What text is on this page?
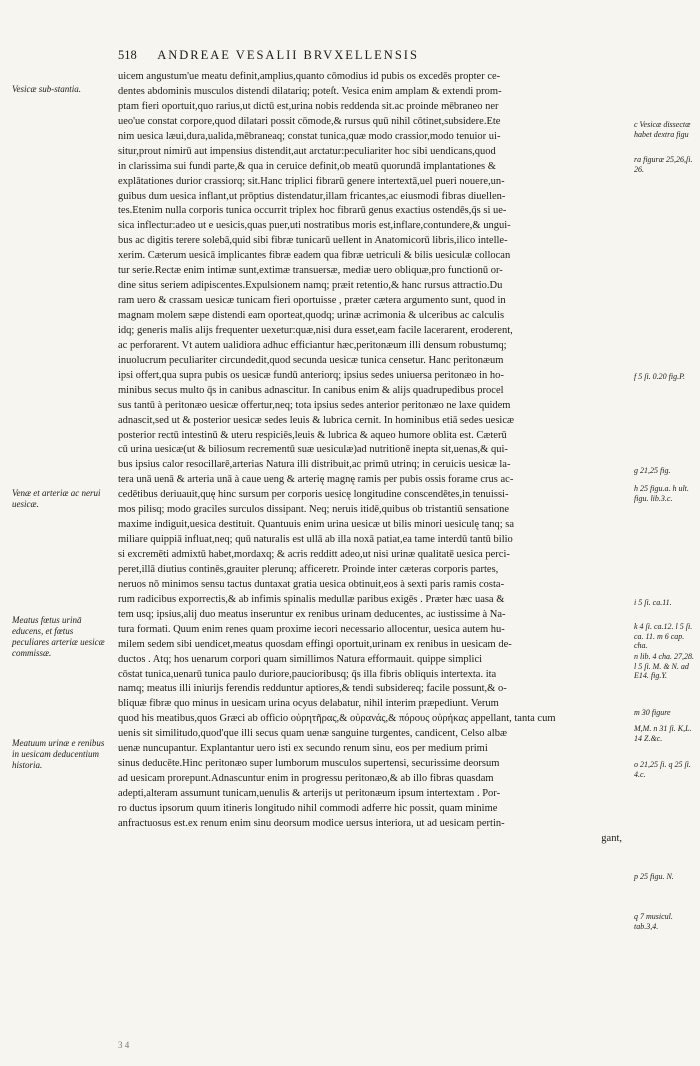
518 ANDREAE VESALII BRVXELLENSIS
uicem angustum'ue meatu definit,amplius,quanto cōmodius id pubis os excedēs propter ce-
dentes abdominis musculos distendi dilatariq; poteſt. Vesica enim amplam & extendi prom-
ptam fieri oportuit,quo rarius,ut dictū est,urina nobis reddenda sit.ac proinde mēbraneo ner
ueo'ue constat corpore,quod dilatari possit cōmode,& rursus quū nihil cōtinet,subsidere.Ete
nim uesica læui,dura,ualida,mēbraneaq; constat tunica,quæ modo crassior,modo tenuior ui-
situr,prout nimirū aut impensius distendit,aut arctatur:peculiariter hoc sibi uendicans,quod
in clarissima sui fundi parte,& qua in ceruice definit,ob meatū quorundā implantationes &
explātationes durior crassiorq; sit.Hanc triplici fibrarū genere intertextā,uel pueri nouere,un-
guibus dum uesica inflant,ut prōptius distendatur,illam fricantes,ac eiusmodi fibras diuellen-
tes.Etenim nulla corporis tunica occurrit triplex hoc fibrarū genus exactius ostendēs,q̄s si ue-
sica inflectur:adeo ut e uesicis,quas puer,uti nostratibus moris est,inflare,contundere,& ungui-
bus ac digitis terere solebā,quid sibi fibræ tunicarū uellent in Anatomicorū libris,ilico intelle-
xerim. Cæterum uesicā implicantes fibræ eadem qua fibræ uetriculi & bilis uesiculæ collocan
tur serie.Rectæ enim intimæ sunt,extimæ transuersæ, mediæ uero obliquæ,pro functionū or-
dine situs seriem adipiscentes.Expulsionem namq; præit retentio,& hanc rursus attractio.Du
ram uero & crassam uesicæ tunicam fieri oportuisse , præter cætera argumento sunt, quod in
magnam molem sæpe distendi eam oporteat,quodq; urinæ acrimonia & ulceribus ac calculis
idq; generis malis alijs frequenter uexetur:quæ,nisi dura esset,eam facile lacerarent, eroderent,
ac perforarent. Vt autem ualidiora adhuc efficiantur hæc,peritonæum illi densum robustumq;
inuolucrum peculiariter circundedit,quod secunda uesicæ tunica censetur. Hanc peritonæum
ipsi offert,qua supra pubis os uesicæ fundū anteriorq; ipsius sedes uniuersa peritonæo in ho-
minibus secus multo q̄s in canibus adnascitur. In canibus enim & alijs quadrupedibus procel
sus tantū à peritonæo uesicæ offertur,neq; tota ipsius sedes anterior peritonæo ne laxe quidem
adnascit,sed ut & posterior uesicæ sedes leuis & lubrica cernit. In hominibus etiā sedes uesicæ
posterior rectū intestinū & uteru respiciēs,leuis & lubrica & aqueo humore oblita est. Cæterū
cū urina uesicæ(ut & biliosum recrementū suæ uesiculæ)ad nutritionē inepta sit,uenas,& qui-
bus ipsius calor resocillarē,arterias Natura illi distribuit,ac primū utrinq; in ceruicis uesicæ la-
tera unā uenā & arteria unā à caue ueng & arterię magnę ramis per pubis ossis forame crus ac-
cedētibus deriuauit,quę hinc sursum per corporis uesicę longitudine conscendētes,in tenuissi-
mos pilisq; modo graciles surculos dissipant. Neq; neruis itidē,quibus ob tristantiū sensatione
maxime indiguit,uesica destituit. Quantuuis enim urina uesicæ ut bilis minori uesiculę tanq; sa
miliare quippiā influat,neq; quū naturalis est ullā ab illa noxā patiat,ea tame interdū tantū bilio
si excremēti admixtū habet,mordaxq; & acris redditt adeo,ut nisi urinæ qualitatē uesica perci-
peret,illā diutius continēs,grauiter plerunq; afficeretr. Proinde inter cæteras corporis partes,
neruos nō minimos sensu tactus duntaxat gratia uesica obtinuit,eos à sexti paris ramis costa-
rum radicibus exporrectis,& ab infimis spinalis medullæ paribus exigēs . Præter hæc uasa &
tem usq; ipsius,alij duo meatus inseruntur ex renibus urinam deducentes, ac iustissime à Na-
tura formati. Quum enim renes quam proxime iecori necessario allocentur, uesica autem hu-
milem sedem sibi uendicet,meatus quosdam effingi oportuit,urinam ex renibus in uesicam de-
ductos . Atq; hos uenarum corpori quam simillimos Natura efformauit. quippe simplici
cōstat tunica,uenarū tunica paulo duriore,paucioribusq; q̄s illa fibris obliquis intertexta. ita
namq; meatus illi iniurijs ferendis redduntur aptiores,& tendi subsidereq; facile possunt,& o-
bliquæ fibræ quo minus in uesicam urina ocyus delabatur, nihil interim præpediunt. Verum
quod his meatibus,quos Græci ab officio οὐρητῆρας,& οὐρανάς,& πόρους οὐρήκας appellant, tanta cum
uenis sit similitudo,quod'que illi secus quam uenæ sanguine turgentes, candicent, Celso albæ
uenæ nuncupantur. Explantantur uero isti ex secundo renum sinu, eos per medium primi
sinus deducēte.Hinc peritonæo super lumborum musculos supertensi, securissime deorsum
ad uesicam prorepunt.Adnascuntur enim in progressu peritonæo,& ab illo fibras quasdam
adepti,alteram assumunt tunicam,uenulis & arterijs ut peritonæum ipsum intertextam . Por-
ro ductus ipsorum quum itineris longitudo nihil commodi adferre hic possit, quam minime
anfractuosus est.ex renum enim sinu deorsum modice uersus interiora, ut ad uesicam pertin-
gant,
Vesicæ sub-stantia.
Venæ et arteriæ ac nerui uesicæ.
Meatus fœtus urinā educens, et fœtus peculiares arteriæ uesicæ commissæ.
Meatuum urinæ e renibus in uesicam deducentium historia.
c Vesicæ dissectæ habet dextra figu
ra figuræ 25,26,ſi. 26.
f 5 ſi. 0.20 fig.P.
g 21,25 fig.
h 25 figu.a. h ult. figu. lib.3.c.
i 5 ſi. ca.11.
k 4 ſi. ca.12. l 5 ſi. ca. 11. m 6 cap. cha.
n lib. 4 cha. 27,28. l 5 ſi. M. & N. ad E14. fig.Y.
m 30 figure
M,M. n 31 ſi. K,L. 14 Z.&c.
o 21,25 ſi. q 25 ſi. 4.c.
p 25 figu. N.
q 7 musicul. tab.3,4.
3 4
